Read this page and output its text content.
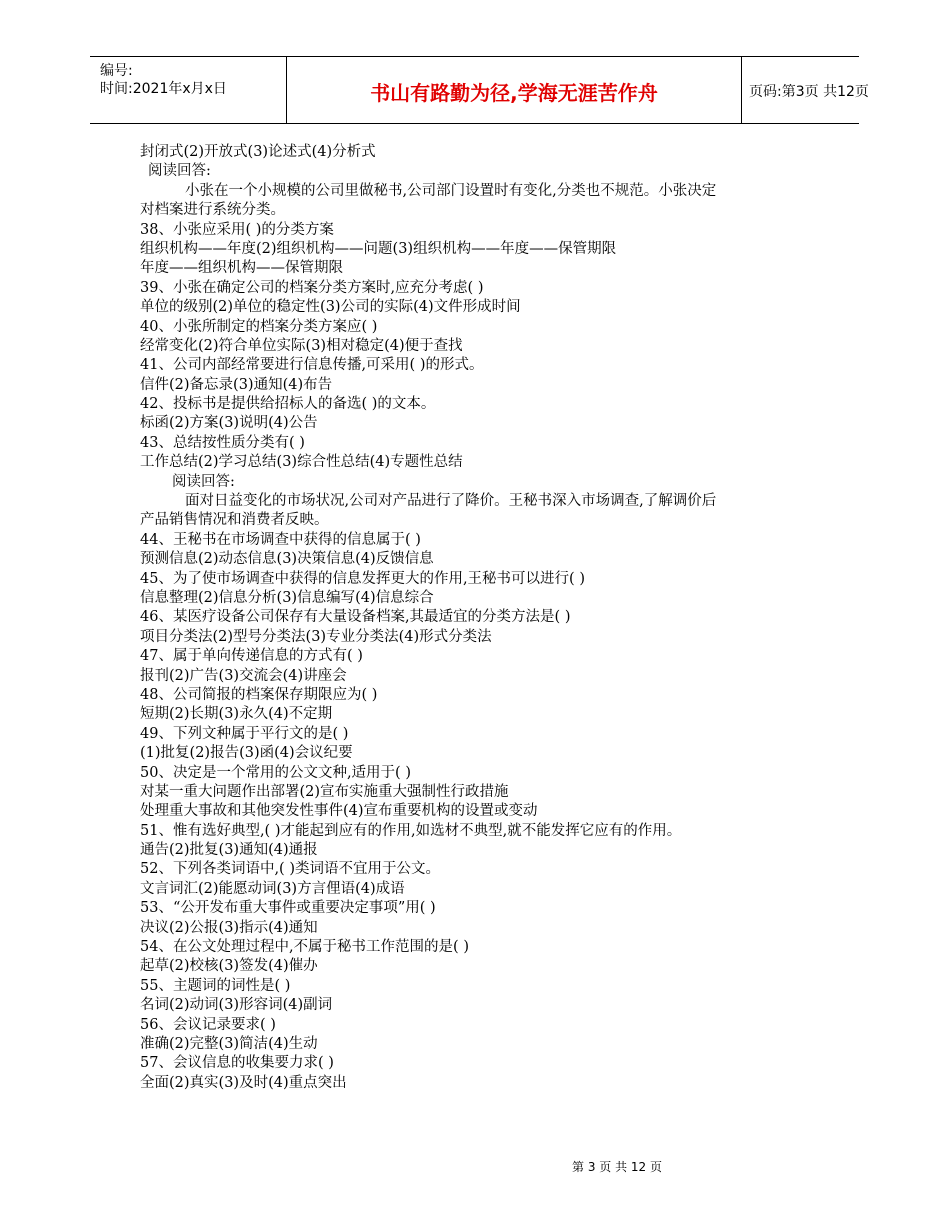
编号:
时间:2021年x月x日	书山有路勤为径,学海无涯苦作舟	页码:第3页 共12页
封闭式(2)开放式(3)论述式(4)分析式
阅读回答:
小张在一个小规模的公司里做秘书,公司部门设置时有变化,分类也不规范。小张决定
对档案进行系统分类。
38、小张应采用( )的分类方案
组织机构——年度(2)组织机构——问题(3)组织机构——年度——保管期限
年度——组织机构——保管期限
39、小张在确定公司的档案分类方案时,应充分考虑( )
单位的级别(2)单位的稳定性(3)公司的实际(4)文件形成时间
40、小张所制定的档案分类方案应( )
经常变化(2)符合单位实际(3)相对稳定(4)便于查找
41、公司内部经常要进行信息传播,可采用( )的形式。
信件(2)备忘录(3)通知(4)布告
42、投标书是提供给招标人的备选( )的文本。
标函(2)方案(3)说明(4)公告
43、总结按性质分类有( )
工作总结(2)学习总结(3)综合性总结(4)专题性总结
阅读回答:
面对日益变化的市场状况,公司对产品进行了降价。王秘书深入市场调查,了解调价后
产品销售情况和消费者反映。
44、王秘书在市场调查中获得的信息属于( )
预测信息(2)动态信息(3)决策信息(4)反馈信息
45、为了使市场调查中获得的信息发挥更大的作用,王秘书可以进行( )
信息整理(2)信息分析(3)信息编写(4)信息综合
46、某医疗设备公司保存有大量设备档案,其最适宜的分类方法是( )
项目分类法(2)型号分类法(3)专业分类法(4)形式分类法
47、属于单向传递信息的方式有( )
报刊(2)广告(3)交流会(4)讲座会
48、公司简报的档案保存期限应为( )
短期(2)长期(3)永久(4)不定期
49、下列文种属于平行文的是( )
(1)批复(2)报告(3)函(4)会议纪要
50、决定是一个常用的公文文种,适用于( )
对某一重大问题作出部署(2)宣布实施重大强制性行政措施
处理重大事故和其他突发性事件(4)宣布重要机构的设置或变动
51、惟有选好典型,( )才能起到应有的作用,如选材不典型,就不能发挥它应有的作用。
通告(2)批复(3)通知(4)通报
52、下列各类词语中,( )类词语不宜用于公文。
文言词汇(2)能愿动词(3)方言俚语(4)成语
53、“公开发布重大事件或重要决定事项”用( )
决议(2)公报(3)指示(4)通知
54、在公文处理过程中,不属于秘书工作范围的是( )
起草(2)校核(3)签发(4)催办
55、主题词的词性是( )
名词(2)动词(3)形容词(4)副词
56、会议记录要求( )
准确(2)完整(3)简洁(4)生动
57、会议信息的收集要力求( )
全面(2)真实(3)及时(4)重点突出
第 3 页 共 12 页
